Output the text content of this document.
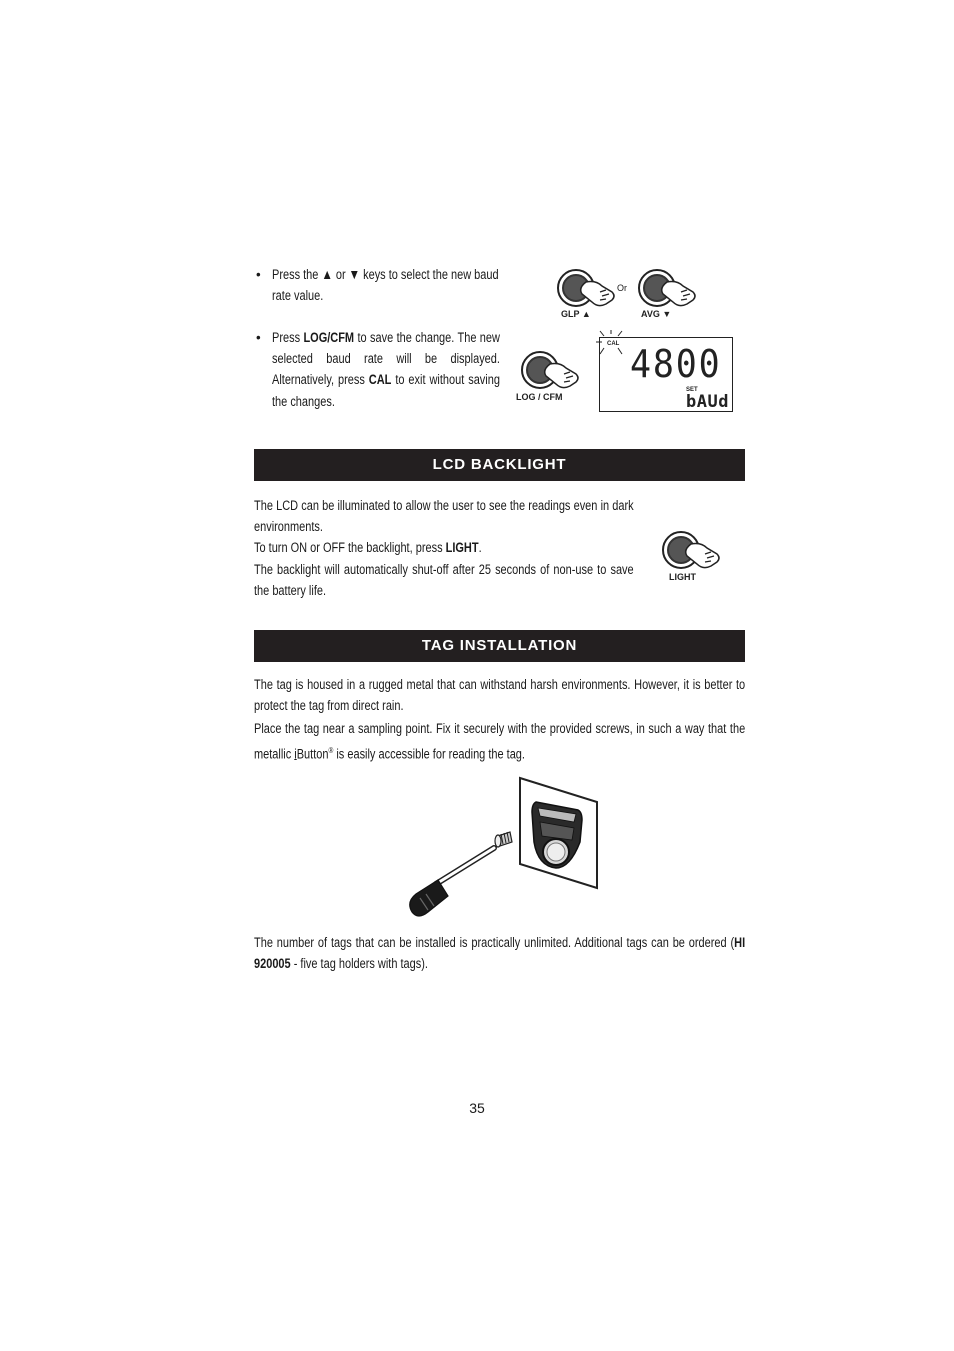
• Press the ▲ or ▼ keys to select the new baud rate value.
• Press LOG/CFM to save the change. The new selected baud rate will be displayed. Alternatively, press CAL to exit without saving the changes.
GLP ▲
Or
AVG ▼
LOG / CFM
CAL 4800
SET
bAUd
LCD BACKLIGHT
The LCD can be illuminated to allow the user to see the readings even in dark environments.
To turn ON or OFF the backlight, press LIGHT.
The backlight will automatically shut-off after 25 seconds of non-use to save the battery life.
LIGHT
TAG INSTALLATION
The tag is housed in a rugged metal that can withstand harsh environments. However, it is better to protect the tag from direct rain.
Place the tag near a sampling point. Fix it securely with the provided screws, in such a way that the metallic iButton® is easily accessible for reading the tag.
The number of tags that can be installed is practically unlimited. Additional tags can be ordered (HI 920005 - five tag holders with tags).
35
